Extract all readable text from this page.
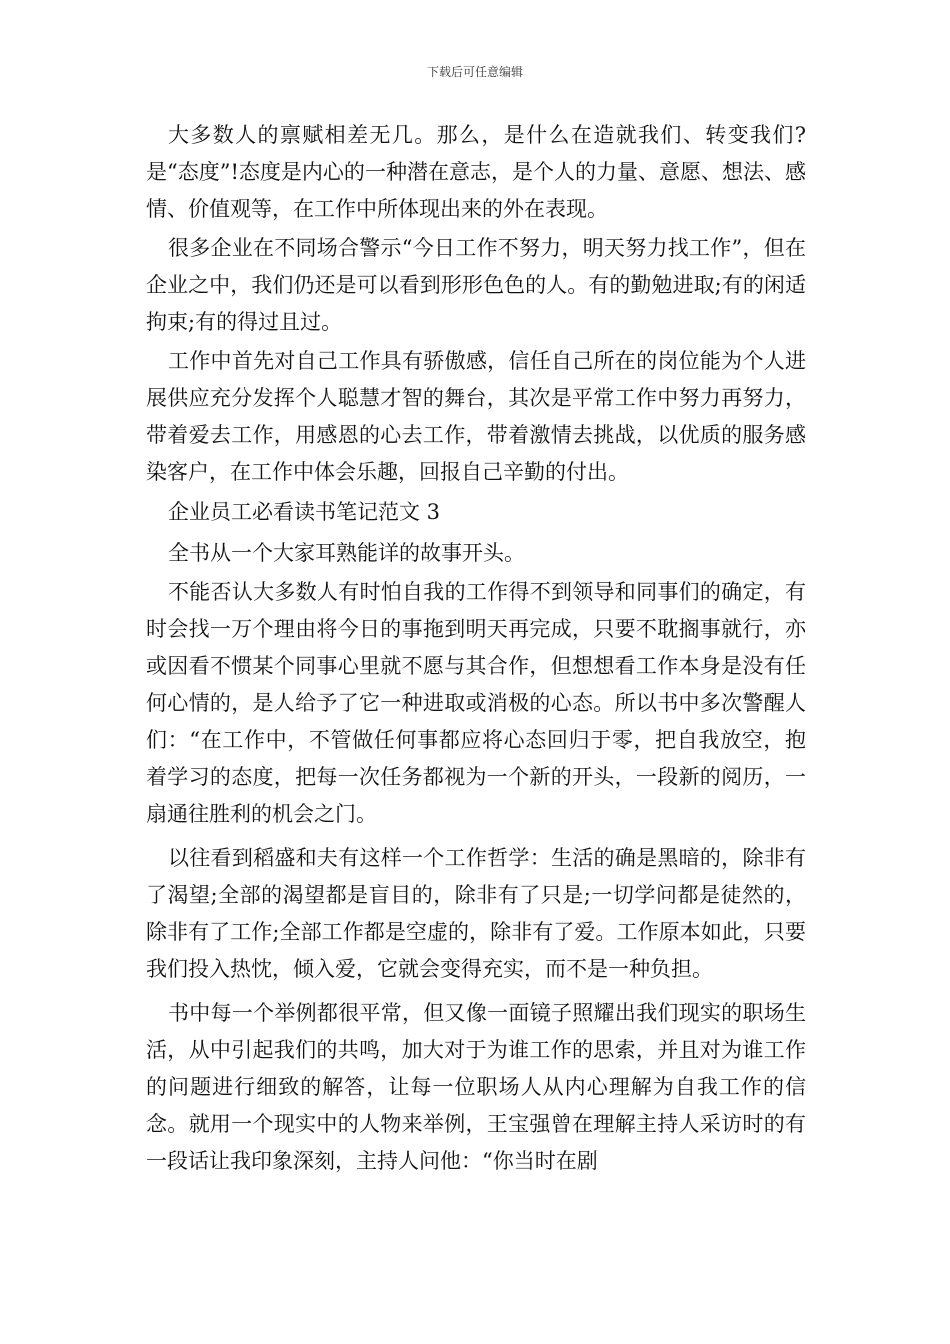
下载后可任意编辑

大多数人的禀赋相差无几。那么，是什么在造就我们、转变我们?是“态度”!态度是内心的一种潜在意志，是个人的力量、意愿、想法、感情、价值观等，在工作中所体现出来的外在表现。

很多企业在不同场合警示“今日工作不努力，明天努力找工作”，但在企业之中，我们仍还是可以看到形形色色的人。有的勤勉进取;有的闲适拘束;有的得过且过。

工作中首先对自己工作具有骄傲感，信任自己所在的岗位能为个人进展供应充分发挥个人聪慧才智的舞台，其次是平常工作中努力再努力，带着爱去工作，用感恩的心去工作，带着激情去挑战，以优质的服务感染客户，在工作中体会乐趣，回报自己辛勤的付出。

企业员工必看读书笔记范文 3

全书从一个大家耳熟能详的故事开头。

不能否认大多数人有时怕自我的工作得不到领导和同事们的确定，有时会找一万个理由将今日的事拖到明天再完成，只要不耽搁事就行，亦或因看不惯某个同事心里就不愿与其合作，但想想看工作本身是没有任何心情的，是人给予了它一种进取或消极的心态。所以书中多次警醒人们：“在工作中，不管做任何事都应将心态回归于零，把自我放空，抱着学习的态度，把每一次任务都视为一个新的开头，一段新的阅历，一扇通往胜利的机会之门。

以往看到稻盛和夫有这样一个工作哲学：生活的确是黑暗的，除非有了渴望;全部的渴望都是盲目的，除非有了只是;一切学问都是徒然的，除非有了工作;全部工作都是空虚的，除非有了爱。工作原本如此，只要我们投入热忱，倾入爱，它就会变得充实，而不是一种负担。

书中每一个举例都很平常，但又像一面镜子照耀出我们现实的职场生活，从中引起我们的共鸣，加大对于为谁工作的思索，并且对为谁工作的问题进行细致的解答，让每一位职场人从内心理解为自我工作的信念。就用一个现实中的人物来举例，王宝强曾在理解主持人采访时的有一段话让我印象深刻，主持人问他：“你当时在剧
